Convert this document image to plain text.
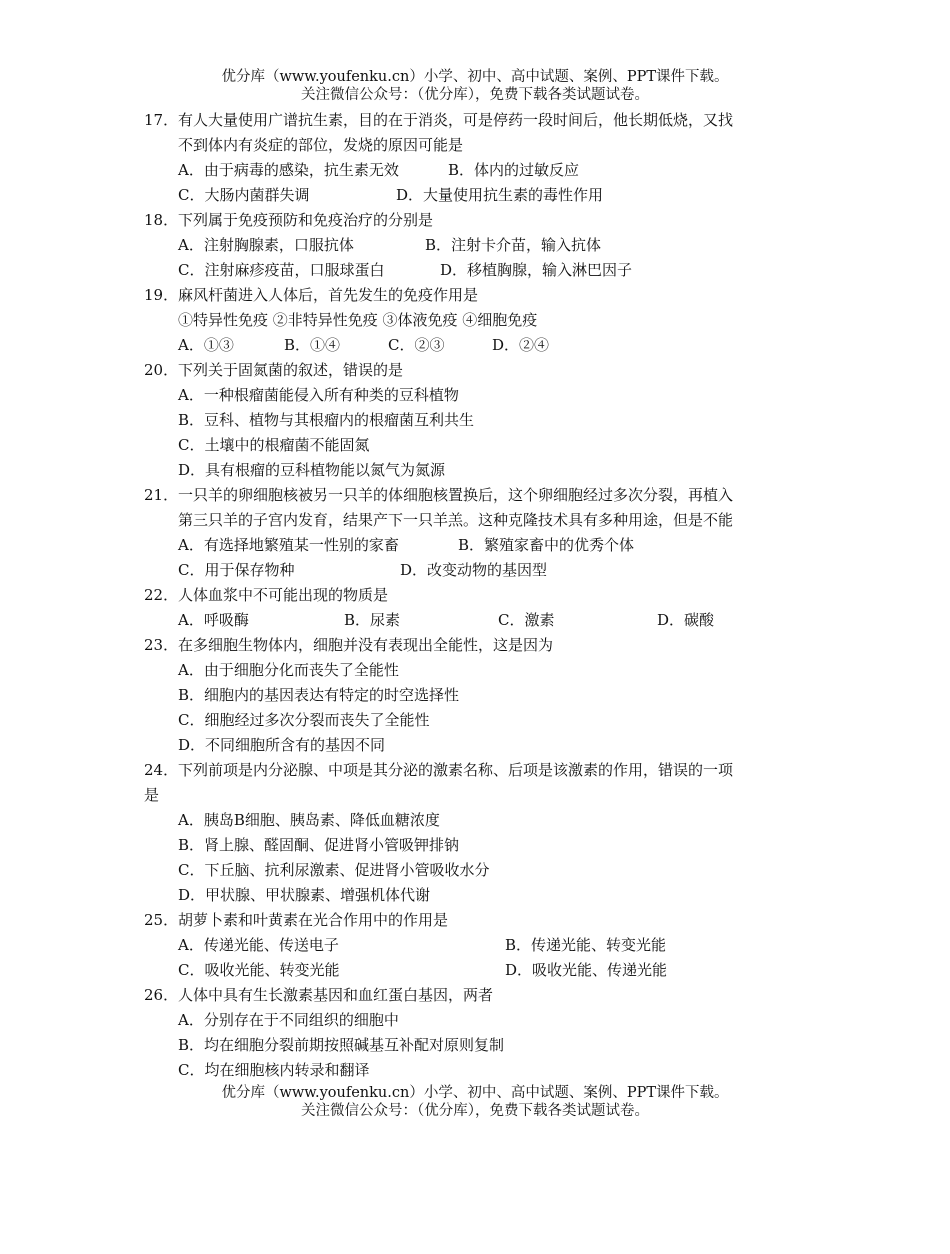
优分库（www.youfenku.cn）小学、初中、高中试题、案例、PPT课件下载。
关注微信公众号：（优分库），免费下载各类试题试卷。
17． 有人大量使用广谱抗生素，目的在于消炎，可是停药一段时间后，他长期低烧，又找
不到体内有炎症的部位，发烧的原因可能是
A．由于病毒的感染，抗生素无效	B．体内的过敏反应
C．大肠内菌群失调	D．大量使用抗生素的毒性作用
18． 下列属于免疫预防和免疫治疗的分别是
A．注射胸腺素，口服抗体	B．注射卡介苗，输入抗体
C．注射麻疹疫苗，口服球蛋白	D．移植胸腺，输入淋巴因子
19． 麻风杆菌进入人体后，首先发生的免疫作用是
①特异性免疫 ②非特异性免疫 ③体液免疫 ④细胞免疫
A．①③	B．①④	C．②③	D．②④
20． 下列关于固氮菌的叙述，错误的是
A．一种根瘤菌能侵入所有种类的豆科植物
B．豆科、植物与其根瘤内的根瘤菌互利共生
C．土壤中的根瘤菌不能固氮
D．具有根瘤的豆科植物能以氮气为氮源
21． 一只羊的卵细胞核被另一只羊的体细胞核置换后，这个卵细胞经过多次分裂，再植入
第三只羊的子宫内发育，结果产下一只羊羔。这种克隆技术具有多种用途，但是不能
A．有选择地繁殖某一性别的家畜	B．繁殖家畜中的优秀个体
C．用于保存物种	D．改变动物的基因型
22． 人体血浆中不可能出现的物质是
A．呼吸酶	B．尿素	C．激素	D．碳酸
23． 在多细胞生物体内，细胞并没有表现出全能性，这是因为
A．由于细胞分化而丧失了全能性
B．细胞内的基因表达有特定的时空选择性
C．细胞经过多次分裂而丧失了全能性
D．不同细胞所含有的基因不同
24． 下列前项是内分泌腺、中项是其分泌的激素名称、后项是该激素的作用，错误的一项
是
A．胰岛B细胞、胰岛素、降低血糖浓度
B．肾上腺、醛固酮、促进肾小管吸钾排钠
C．下丘脑、抗利尿激素、促进肾小管吸收水分
D．甲状腺、甲状腺素、增强机体代谢
25． 胡萝卜素和叶黄素在光合作用中的作用是
A．传递光能、传送电子	B．传递光能、转变光能
C．吸收光能、转变光能	D．吸收光能、传递光能
26． 人体中具有生长激素基因和血红蛋白基因，两者
A．分别存在于不同组织的细胞中
B．均在细胞分裂前期按照碱基互补配对原则复制
C．均在细胞核内转录和翻译
优分库（www.youfenku.cn）小学、初中、高中试题、案例、PPT课件下载。
关注微信公众号：（优分库），免费下载各类试题试卷。
